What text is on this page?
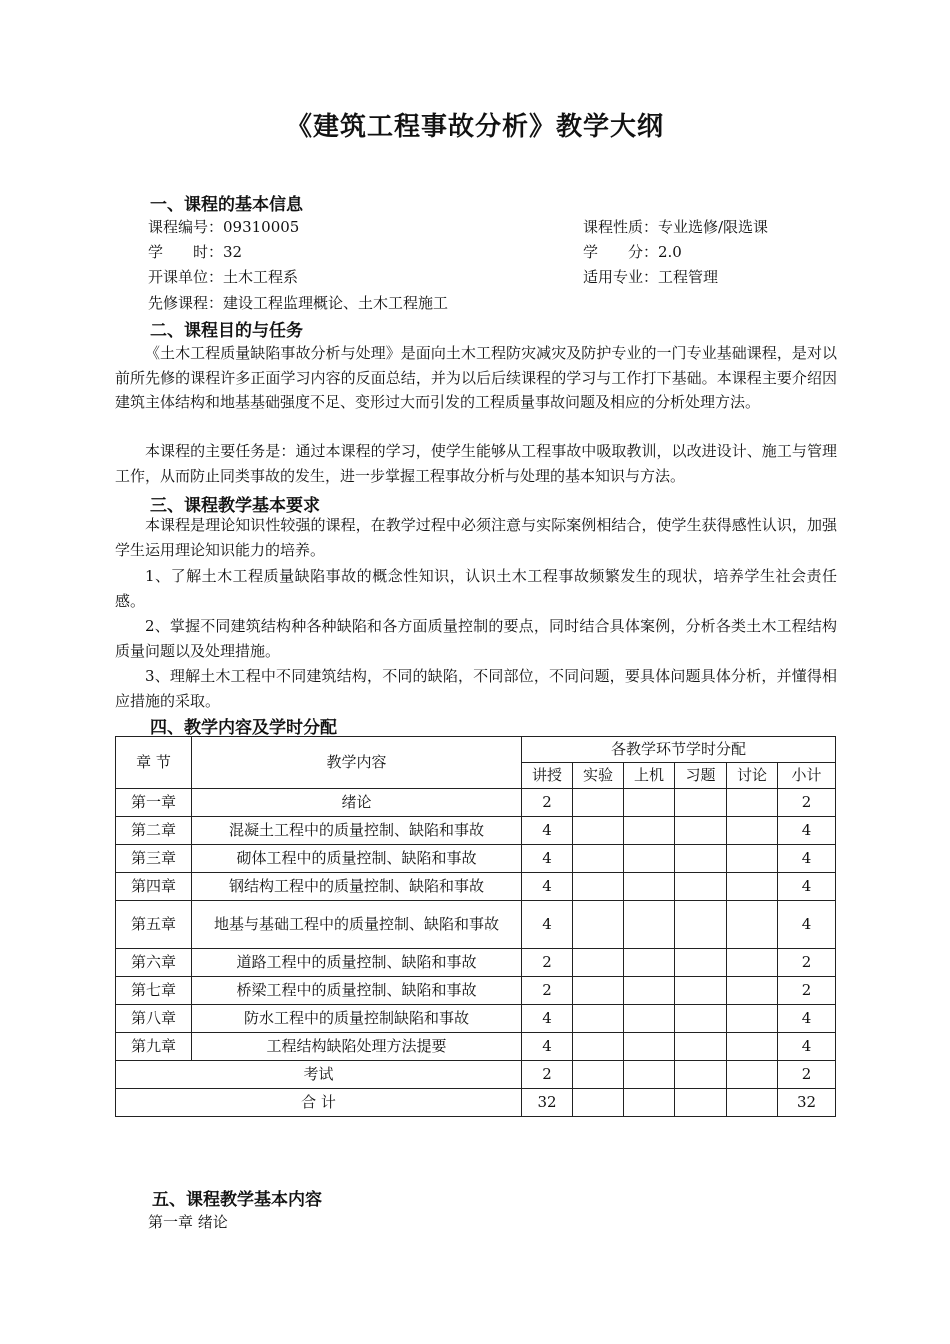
《建筑工程事故分析》教学大纲
一、课程的基本信息
课程编号：09310005	课程性质：专业选修/限选课
学　　时：32	学　　分：2.0
开课单位：土木工程系	适用专业：工程管理
先修课程：建设工程监理概论、土木工程施工
二、课程目的与任务

《土木工程质量缺陷事故分析与处理》是面向土木工程防灾减灾及防护专业的一门专业基础课程，是对以前所先修的课程许多正面学习内容的反面总结，并为以后后续课程的学习与工作打下基础。本课程主要介绍因建筑主体结构和地基基础强度不足、变形过大而引发的工程质量事故问题及相应的分析处理方法。

本课程的主要任务是：通过本课程的学习，使学生能够从工程事故中吸取教训，以改进设计、施工与管理工作，从而防止同类事故的发生，进一步掌握工程事故分析与处理的基本知识与方法。

三、课程教学基本要求

本课程是理论知识性较强的课程，在教学过程中必须注意与实际案例相结合，使学生获得感性认识，加强学生运用理论知识能力的培养。

1、了解土木工程质量缺陷事故的概念性知识，认识土木工程事故频繁发生的现状，培养学生社会责任感。

2、掌握不同建筑结构种各种缺陷和各方面质量控制的要点，同时结合具体案例，分析各类土木工程结构质量问题以及处理措施。

3、理解土木工程中不同建筑结构，不同的缺陷，不同部位，不同问题，要具体问题具体分析，并懂得相应措施的采取。

四、教学内容及学时分配
章 节	教学内容	各教学环节学时分配					
		讲授	实验	上机	习题	讨论	小计
第一章	绪论	2					2
第二章	混凝土工程中的质量控制、缺陷和事故	4					4
第三章	砌体工程中的质量控制、缺陷和事故	4					4
第四章	钢结构工程中的质量控制、缺陷和事故	4					4
第五章	地基与基础工程中的质量控制、缺陷和事故	4					4
第六章	道路工程中的质量控制、缺陷和事故	2					2
第七章	桥梁工程中的质量控制、缺陷和事故	2					2
第八章	防水工程中的质量控制缺陷和事故	4					4
第九章	工程结构缺陷处理方法提要	4					4
考试		2					2
合 计		32					32
五、课程教学基本内容
第一章 绪论
